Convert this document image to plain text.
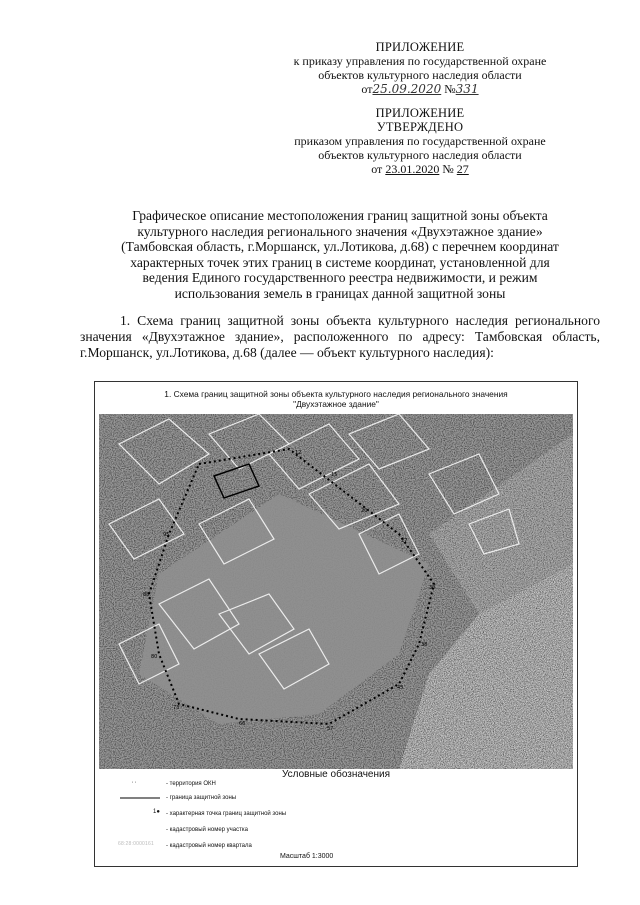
ПРИЛОЖЕНИЕ
к приказу управления по государственной охране
объектов культурного наследия области
от25.09.2020 №331
ПРИЛОЖЕНИЕ
УТВЕРЖДЕНО
приказом управления по государственной охране
объектов культурного наследия области
от 23.01.2020 № 27
Графическое описание местоположения границ защитной зоны объекта
культурного наследия регионального значения «Двухэтажное здание»
(Тамбовская область, г.Моршанск, ул.Лотикова, д.68) с перечнем координат
характерных точек этих границ в системе координат, установленной для
ведения Единого государственного реестра недвижимости, и режим
использования земель в границах данной защитной зоны
1. Схема границ защитной зоны объекта культурного наследия регионального значения «Двухэтажное здание», расположенного по адресу: Тамбовская область, г.Моршанск, ул.Лотикова, д.68 (далее — объект культурного наследия):
1. Схема границ защитной зоны объекта культурного наследия регионального значения
"Двухэтажное здание"
12
15
20
27
30
38
45
57
66
73
80
88
95
Условные обозначения
' '	- территория ОКН
- граница защитной зоны
1●	- характерная точка границ защитной зоны
- кадастровый номер участка
68:28:0000161	- кадастровый номер квартала
Масштаб 1:3000
